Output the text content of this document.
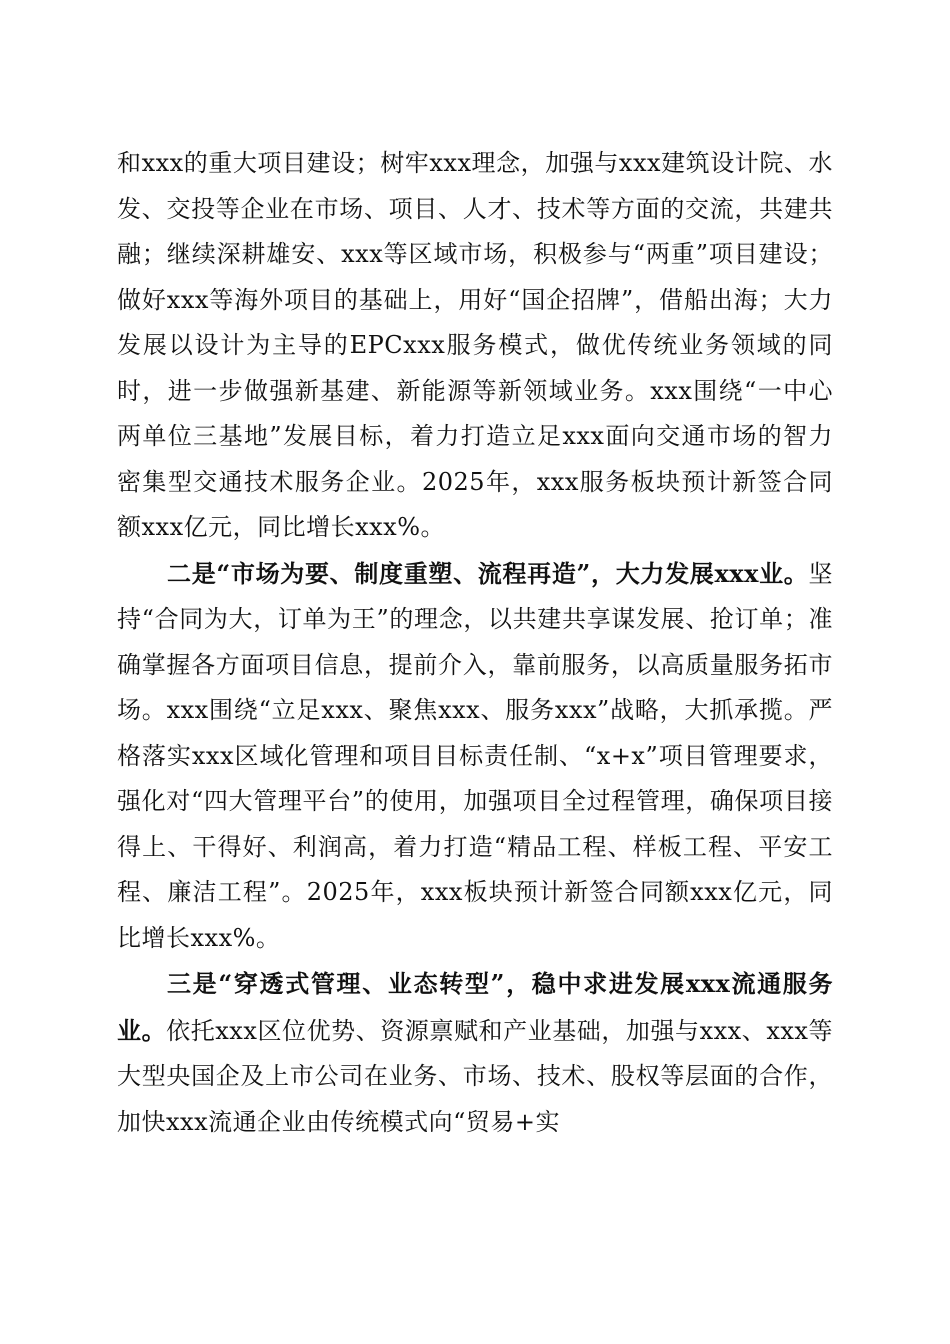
和xxx的重大项目建设；树牢xxx理念，加强与xxx建筑设计院、水发、交投等企业在市场、项目、人才、技术等方面的交流，共建共融；继续深耕雄安、xxx等区域市场，积极参与“两重”项目建设；做好xxx等海外项目的基础上，用好“国企招牌”，借船出海；大力发展以设计为主导的EPCxxx服务模式，做优传统业务领域的同时，进一步做强新基建、新能源等新领域业务。xxx围绕“一中心两单位三基地”发展目标，着力打造立足xxx面向交通市场的智力密集型交通技术服务企业。2025年，xxx服务板块预计新签合同额xxx亿元，同比增长xxx%。

二是“市场为要、制度重塑、流程再造”，大力发展xxx业。坚持“合同为大，订单为王”的理念，以共建共享谋发展、抢订单；准确掌握各方面项目信息，提前介入，靠前服务，以高质量服务拓市场。xxx围绕“立足xxx、聚焦xxx、服务xxx”战略，大抓承揽。严格落实xxx区域化管理和项目目标责任制、“x+x”项目管理要求，强化对“四大管理平台”的使用，加强项目全过程管理，确保项目接得上、干得好、利润高，着力打造“精品工程、样板工程、平安工程、廉洁工程”。2025年，xxx板块预计新签合同额xxx亿元，同比增长xxx%。

三是“穿透式管理、业态转型”，稳中求进发展xxx流通服务业。依托xxx区位优势、资源禀赋和产业基础，加强与xxx、xxx等大型央国企及上市公司在业务、市场、技术、股权等层面的合作，加快xxx流通企业由传统模式向“贸易+实
